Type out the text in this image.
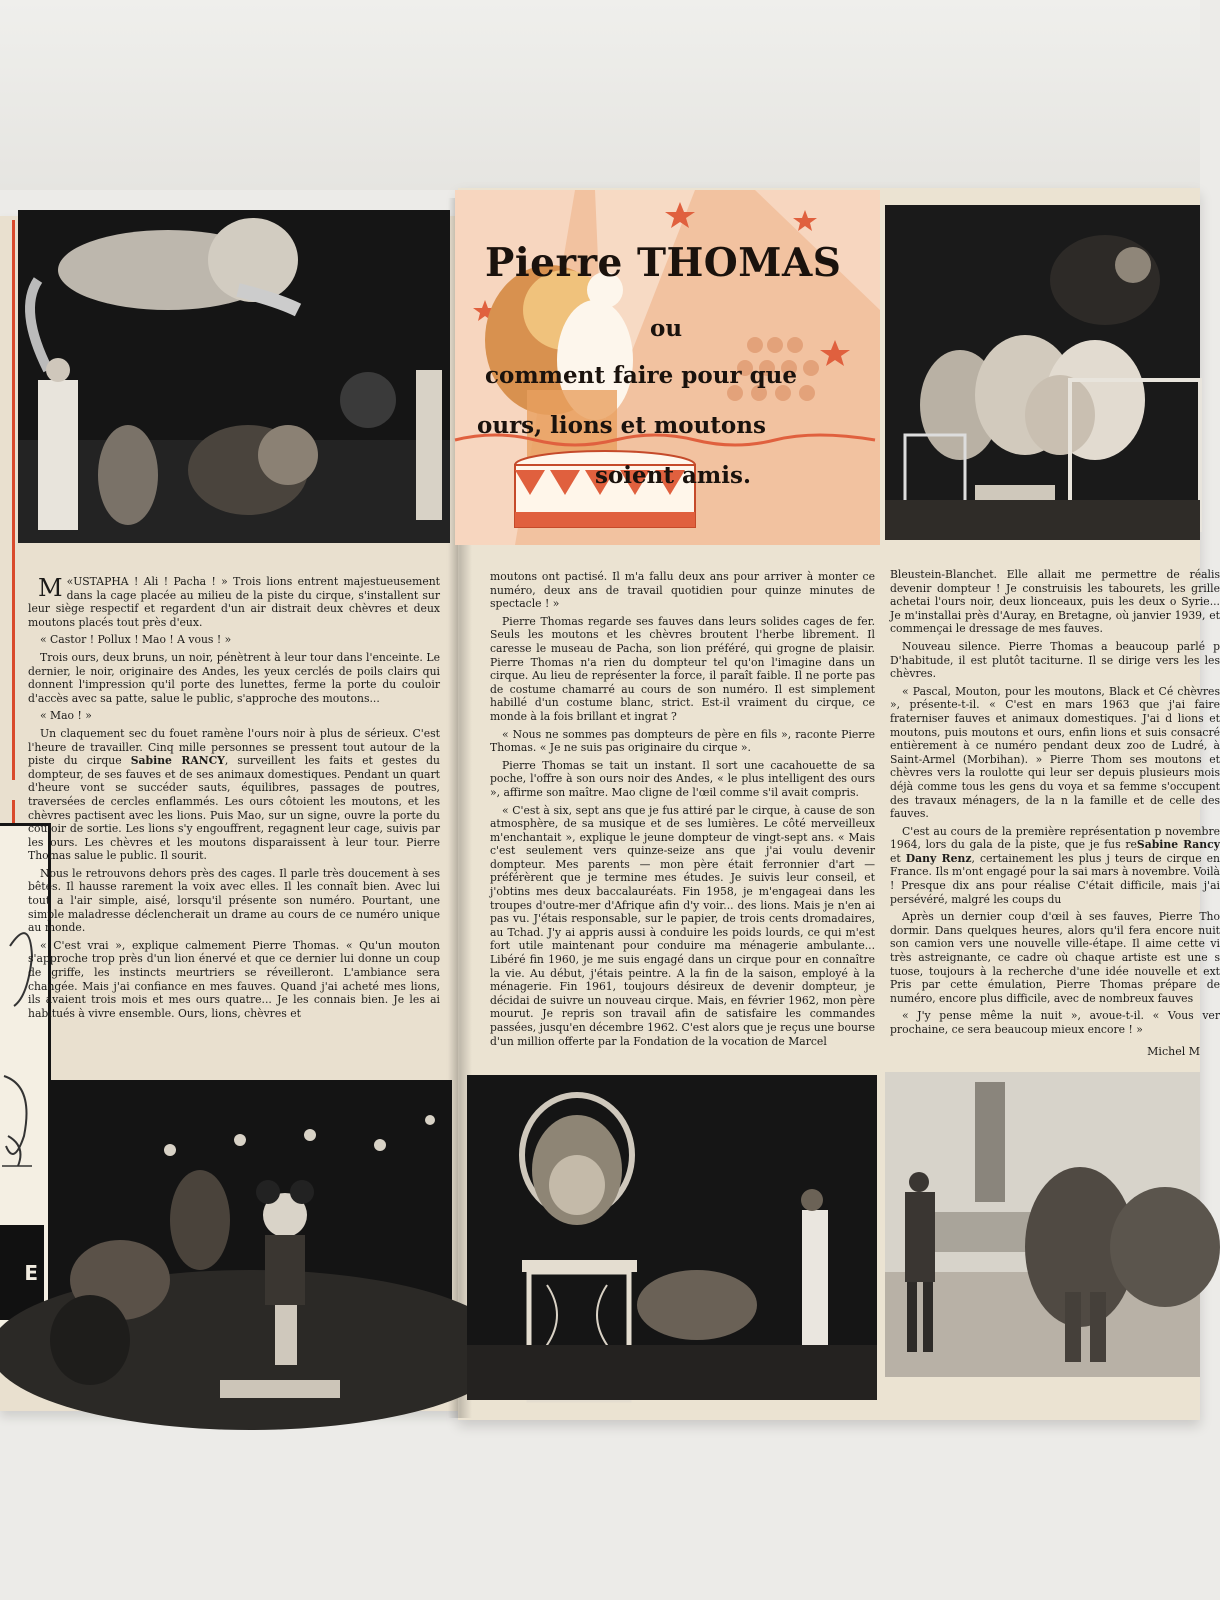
E
Pierre THOMAS
ou
comment faire pour que
ours, lions et moutons
soient amis.

«
M USTAPHA ! Ali ! Pacha ! » Trois lions entrent majestueusement dans la cage placée au milieu de la piste du cirque, s'installent sur leur siège respectif et regardent d'un air distrait deux chèvres et deux moutons placés tout près d'eux.

« Castor ! Pollux ! Mao ! A vous ! »

Trois ours, deux bruns, un noir, pénètrent à leur tour dans l'enceinte. Le dernier, le noir, originaire des Andes, les yeux cerclés de poils clairs qui donnent l'impression qu'il porte des lunettes, ferme la porte du couloir d'accès avec sa patte, salue le public, s'approche des moutons...

« Mao ! »

Un claquement sec du fouet ramène l'ours noir à plus de sérieux. C'est l'heure de travailler. Cinq mille personnes se pressent tout autour de la piste du cirque Sabine RANCY, surveillent les faits et gestes du dompteur, de ses fauves et de ses animaux domestiques. Pendant un quart d'heure vont se succéder sauts, équilibres, passages de poutres, traversées de cercles enflammés. Les ours côtoient les moutons, et les chèvres pactisent avec les lions. Puis Mao, sur un signe, ouvre la porte du couloir de sortie. Les lions s'y engouffrent, regagnent leur cage, suivis par les ours. Les chèvres et les moutons disparaissent à leur tour. Pierre Thomas salue le public. Il sourit.

Nous le retrouvons dehors près des cages. Il parle très doucement à ses bêtes. Il hausse rarement la voix avec elles. Il les connaît bien. Avec lui tout a l'air simple, aisé, lorsqu'il présente son numéro. Pourtant, une simple maladresse déclencherait un drame au cours de ce numéro unique au monde.

« C'est vrai », explique calmement Pierre Thomas. « Qu'un mouton s'approche trop près d'un lion énervé et que ce dernier lui donne un coup de griffe, les instincts meurtriers se réveilleront. L'ambiance sera changée. Mais j'ai confiance en mes fauves. Quand j'ai acheté mes lions, ils avaient trois mois et mes ours quatre... Je les connais bien. Je les ai habitués à vivre ensemble. Ours, lions, chèvres et

moutons ont pactisé. Il m'a fallu deux ans pour arriver à monter ce numéro, deux ans de travail quotidien pour quinze minutes de spectacle ! »

Pierre Thomas regarde ses fauves dans leurs solides cages de fer. Seuls les moutons et les chèvres broutent l'herbe librement. Il caresse le museau de Pacha, son lion préféré, qui grogne de plaisir. Pierre Thomas n'a rien du dompteur tel qu'on l'imagine dans un cirque. Au lieu de représenter la force, il paraît faible. Il ne porte pas de costume chamarré au cours de son numéro. Il est simplement habillé d'un costume blanc, strict. Est-il vraiment du cirque, ce monde à la fois brillant et ingrat ?

« Nous ne sommes pas dompteurs de père en fils », raconte Pierre Thomas. « Je ne suis pas originaire du cirque ».

Pierre Thomas se tait un instant. Il sort une cacahouette de sa poche, l'offre à son ours noir des Andes, « le plus intelligent des ours », affirme son maître. Mao cligne de l'œil comme s'il avait compris.

« C'est à six, sept ans que je fus attiré par le cirque, à cause de son atmosphère, de sa musique et de ses lumières. Le côté merveilleux m'enchantait », explique le jeune dompteur de vingt-sept ans. « Mais c'est seulement vers quinze-seize ans que j'ai voulu devenir dompteur. Mes parents — mon père était ferronnier d'art — préférèrent que je termine mes études. Je suivis leur conseil, et j'obtins mes deux baccalauréats. Fin 1958, je m'engageai dans les troupes d'outre-mer d'Afrique afin d'y voir... des lions. Mais je n'en ai pas vu. J'étais responsable, sur le papier, de trois cents dromadaires, au Tchad. J'y ai appris aussi à conduire les poids lourds, ce qui m'est fort utile maintenant pour conduire ma ménagerie ambulante... Libéré fin 1960, je me suis engagé dans un cirque pour en connaître la vie. Au début, j'étais peintre. A la fin de la saison, employé à la ménagerie. Fin 1961, toujours désireux de devenir dompteur, je décidai de suivre un nouveau cirque. Mais, en février 1962, mon père mourut. Je repris son travail afin de satisfaire les commandes passées, jusqu'en décembre 1962. C'est alors que je reçus une bourse d'un million offerte par la Fondation de la vocation de Marcel

Bleustein-Blanchet. Elle allait me permettre de réalis devenir dompteur ! Je construisis les tabourets, les grille achetai l'ours noir, deux lionceaux, puis les deux o Syrie... Je m'installai près d'Auray, en Bretagne, où janvier 1939, et commençai le dressage de mes fauves.

Nouveau silence. Pierre Thomas a beaucoup parlé p D'habitude, il est plutôt taciturne. Il se dirige vers les les chèvres.

« Pascal, Mouton, pour les moutons, Black et Cé chèvres », présente-t-il. « C'est en mars 1963 que j'ai faire fraterniser fauves et animaux domestiques. J'ai d lions et moutons, puis moutons et ours, enfin lions et suis consacré entièrement à ce numéro pendant deux zoo de Ludré, à Saint-Armel (Morbihan). » Pierre Thom ses moutons et chèvres vers la roulotte qui leur ser depuis plusieurs mois déjà comme tous les gens du voya et sa femme s'occupent des travaux ménagers, de la n la famille et de celle des fauves.

C'est au cours de la première représentation p novembre 1964, lors du gala de la piste, que je fus reSabine Rancy et Dany Renz, certainement les plus j teurs de cirque en France. Ils m'ont engagé pour la sai mars à novembre. Voilà ! Presque dix ans pour réalise C'était difficile, mais j'ai persévéré, malgré les coups du

Après un dernier coup d'œil à ses fauves, Pierre Tho dormir. Dans quelques heures, alors qu'il fera encore nuit son camion vers une nouvelle ville-étape. Il aime cette vi très astreignante, ce cadre où chaque artiste est une s tuose, toujours à la recherche d'une idée nouvelle et ext Pris par cette émulation, Pierre Thomas prépare de numéro, encore plus difficile, avec de nombreux fauves

« J'y pense même la nuit », avoue-t-il. « Vous ver prochaine, ce sera beaucoup mieux encore ! »

Michel M
